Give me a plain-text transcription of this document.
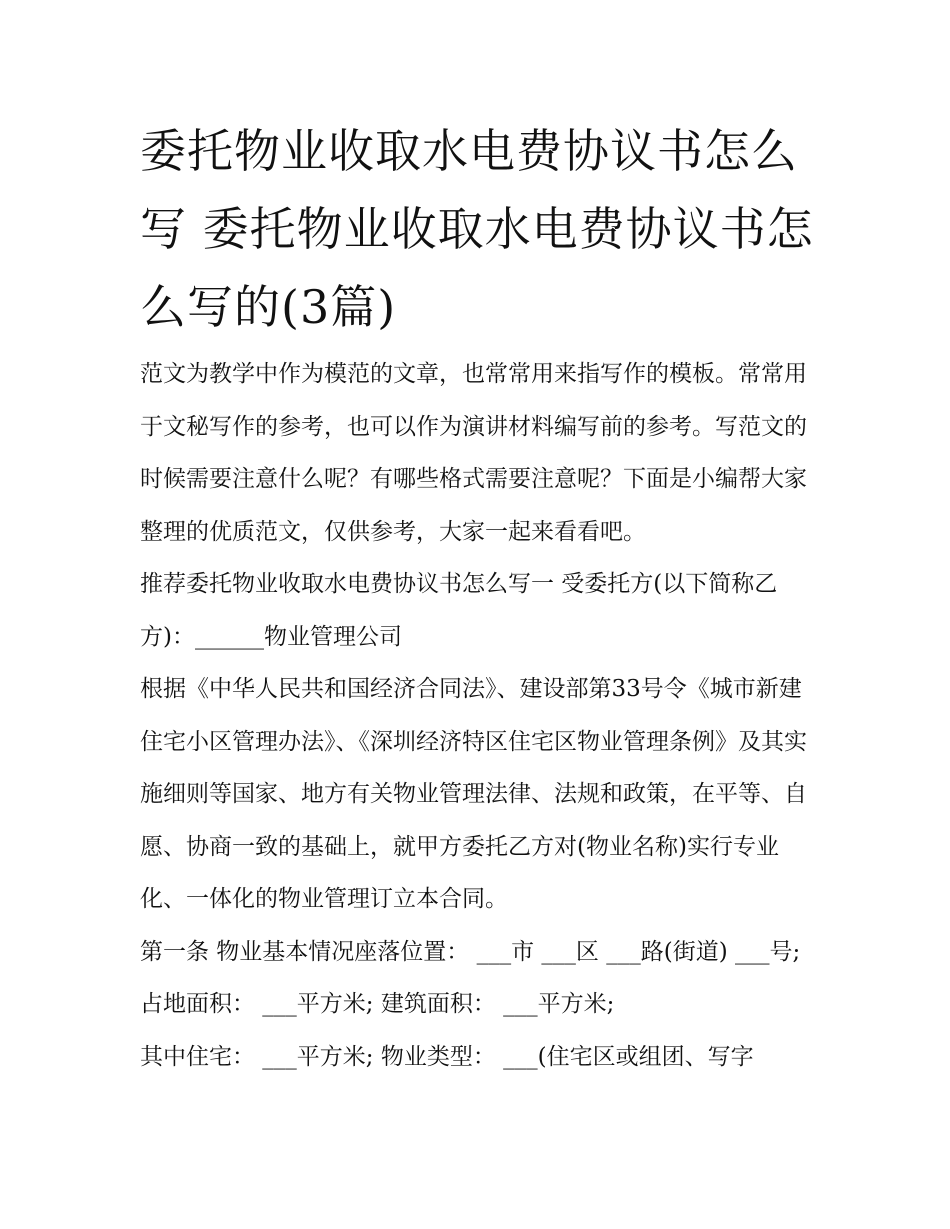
委托物业收取水电费协议书怎么写 委托物业收取水电费协议书怎么写的(3篇)

范文为教学中作为模范的文章，也常常用来指写作的模板。常常用于文秘写作的参考，也可以作为演讲材料编写前的参考。写范文的时候需要注意什么呢？有哪些格式需要注意呢？下面是小编帮大家整理的优质范文，仅供参考，大家一起来看看吧。

推荐委托物业收取水电费协议书怎么写一 受委托方(以下简称乙方)：______物业管理公司

根据《中华人民共和国经济合同法》、建设部第33号令《城市新建住宅小区管理办法》、《深圳经济特区住宅区物业管理条例》及其实施细则等国家、地方有关物业管理法律、法规和政策，在平等、自愿、协商一致的基础上，就甲方委托乙方对(物业名称)实行专业化、一体化的物业管理订立本合同。

第一条 物业基本情况座落位置： ___市 ___区 ___路(街道) ___号; 占地面积： ___平方米; 建筑面积： ___平方米;

其中住宅： ___平方米; 物业类型： ___(住宅区或组团、写字
